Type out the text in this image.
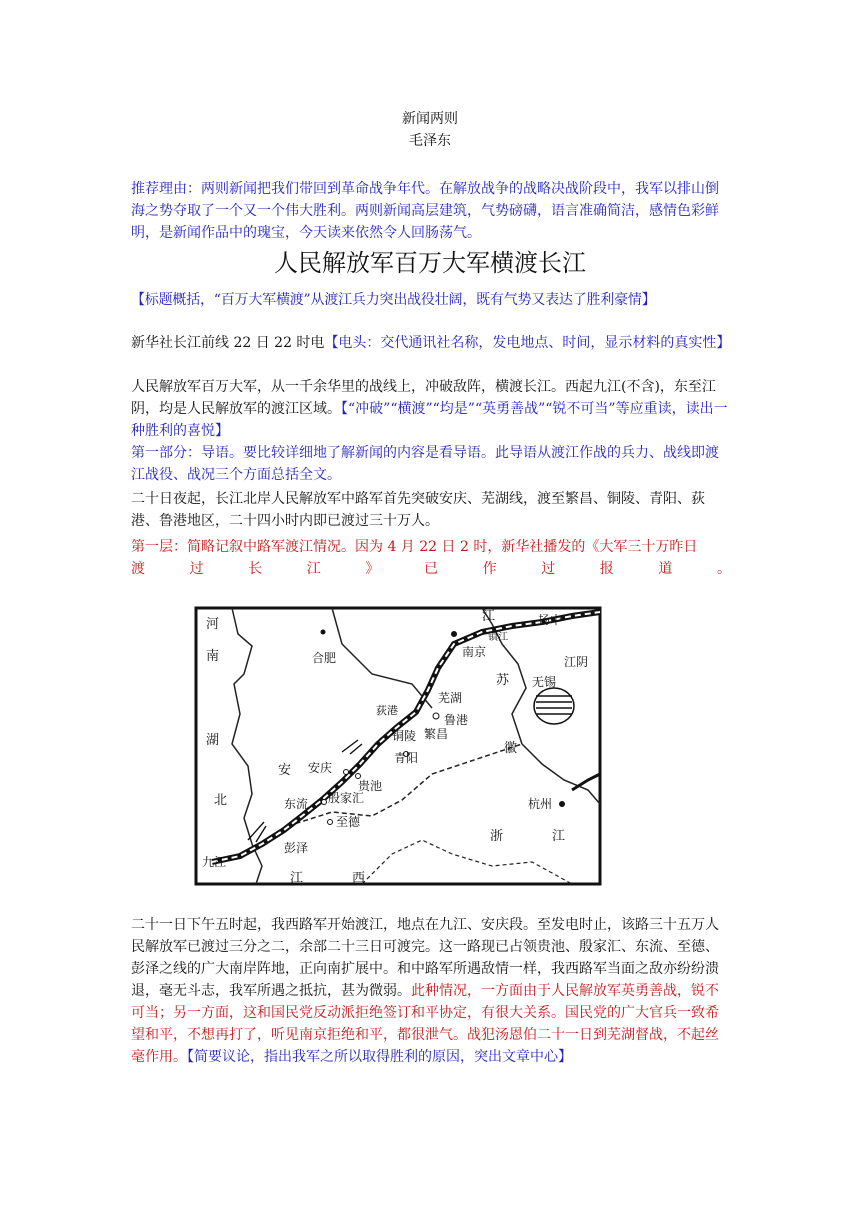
新闻两则
毛泽东
推荐理由：两则新闻把我们带回到革命战争年代。在解放战争的战略决战阶段中，我军以排山倒海之势夺取了一个又一个伟大胜利。两则新闻高层建筑，气势磅礴，语言准确简洁，感情色彩鲜明，是新闻作品中的瑰宝，今天读来依然令人回肠荡气。
人民解放军百万大军横渡长江
【标题概括，“百万大军横渡”从渡江兵力突出战役壮阔，既有气势又表达了胜利豪情】
新华社长江前线 22 日 22 时电【电头：交代通讯社名称，发电地点、时间，显示材料的真实性】
人民解放军百万大军，从一千余华里的战线上，冲破敌阵，横渡长江。西起九江(不含)，东至江阴，均是人民解放军的渡江区域。【“冲破”“横渡”“均是”“英勇善战”“锐不可当”等应重读，读出一种胜利的喜悦】
第一部分：导语。要比较详细地了解新闻的内容是看导语。此导语从渡江作战的兵力、战线即渡江战役、战况三个方面总括全文。
二十日夜起，长江北岸人民解放军中路军首先突破安庆、芜湖线，渡至繁昌、铜陵、青阳、荻港、鲁港地区，二十四小时内即已渡过三十万人。
第一层：简略记叙中路军渡江情况。因为 4 月 22 日 2 时，新华社播发的《大军三十万昨日
渡过长江》已作过报道。
河
南
湖
北
合肥
安 安庆
东流 殷家汇
至德
彭泽
九江
江	西
南京
镇江
江	扬中
江阴
苏 无锡
芜湖
荻港
鲁港
繁昌
铜陵
青阳
贵池
徽
杭州
浙	江
二十一日下午五时起，我西路军开始渡江，地点在九江、安庆段。至发电时止，该路三十五万人民解放军已渡过三分之二，余部二十三日可渡完。这一路现已占领贵池、殷家汇、东流、至德、彭泽之线的广大南岸阵地，正向南扩展中。和中路军所遇敌情一样，我西路军当面之敌亦纷纷溃退，毫无斗志，我军所遇之抵抗，甚为微弱。此种情况，一方面由于人民解放军英勇善战，锐不可当；另一方面，这和国民党反动派拒绝签订和平协定，有很大关系。国民党的广大官兵一致希望和平，不想再打了，听见南京拒绝和平，都很泄气。战犯汤恩伯二十一日到芜湖督战，不起丝毫作用。【简要议论，指出我军之所以取得胜利的原因，突出文章中心】
